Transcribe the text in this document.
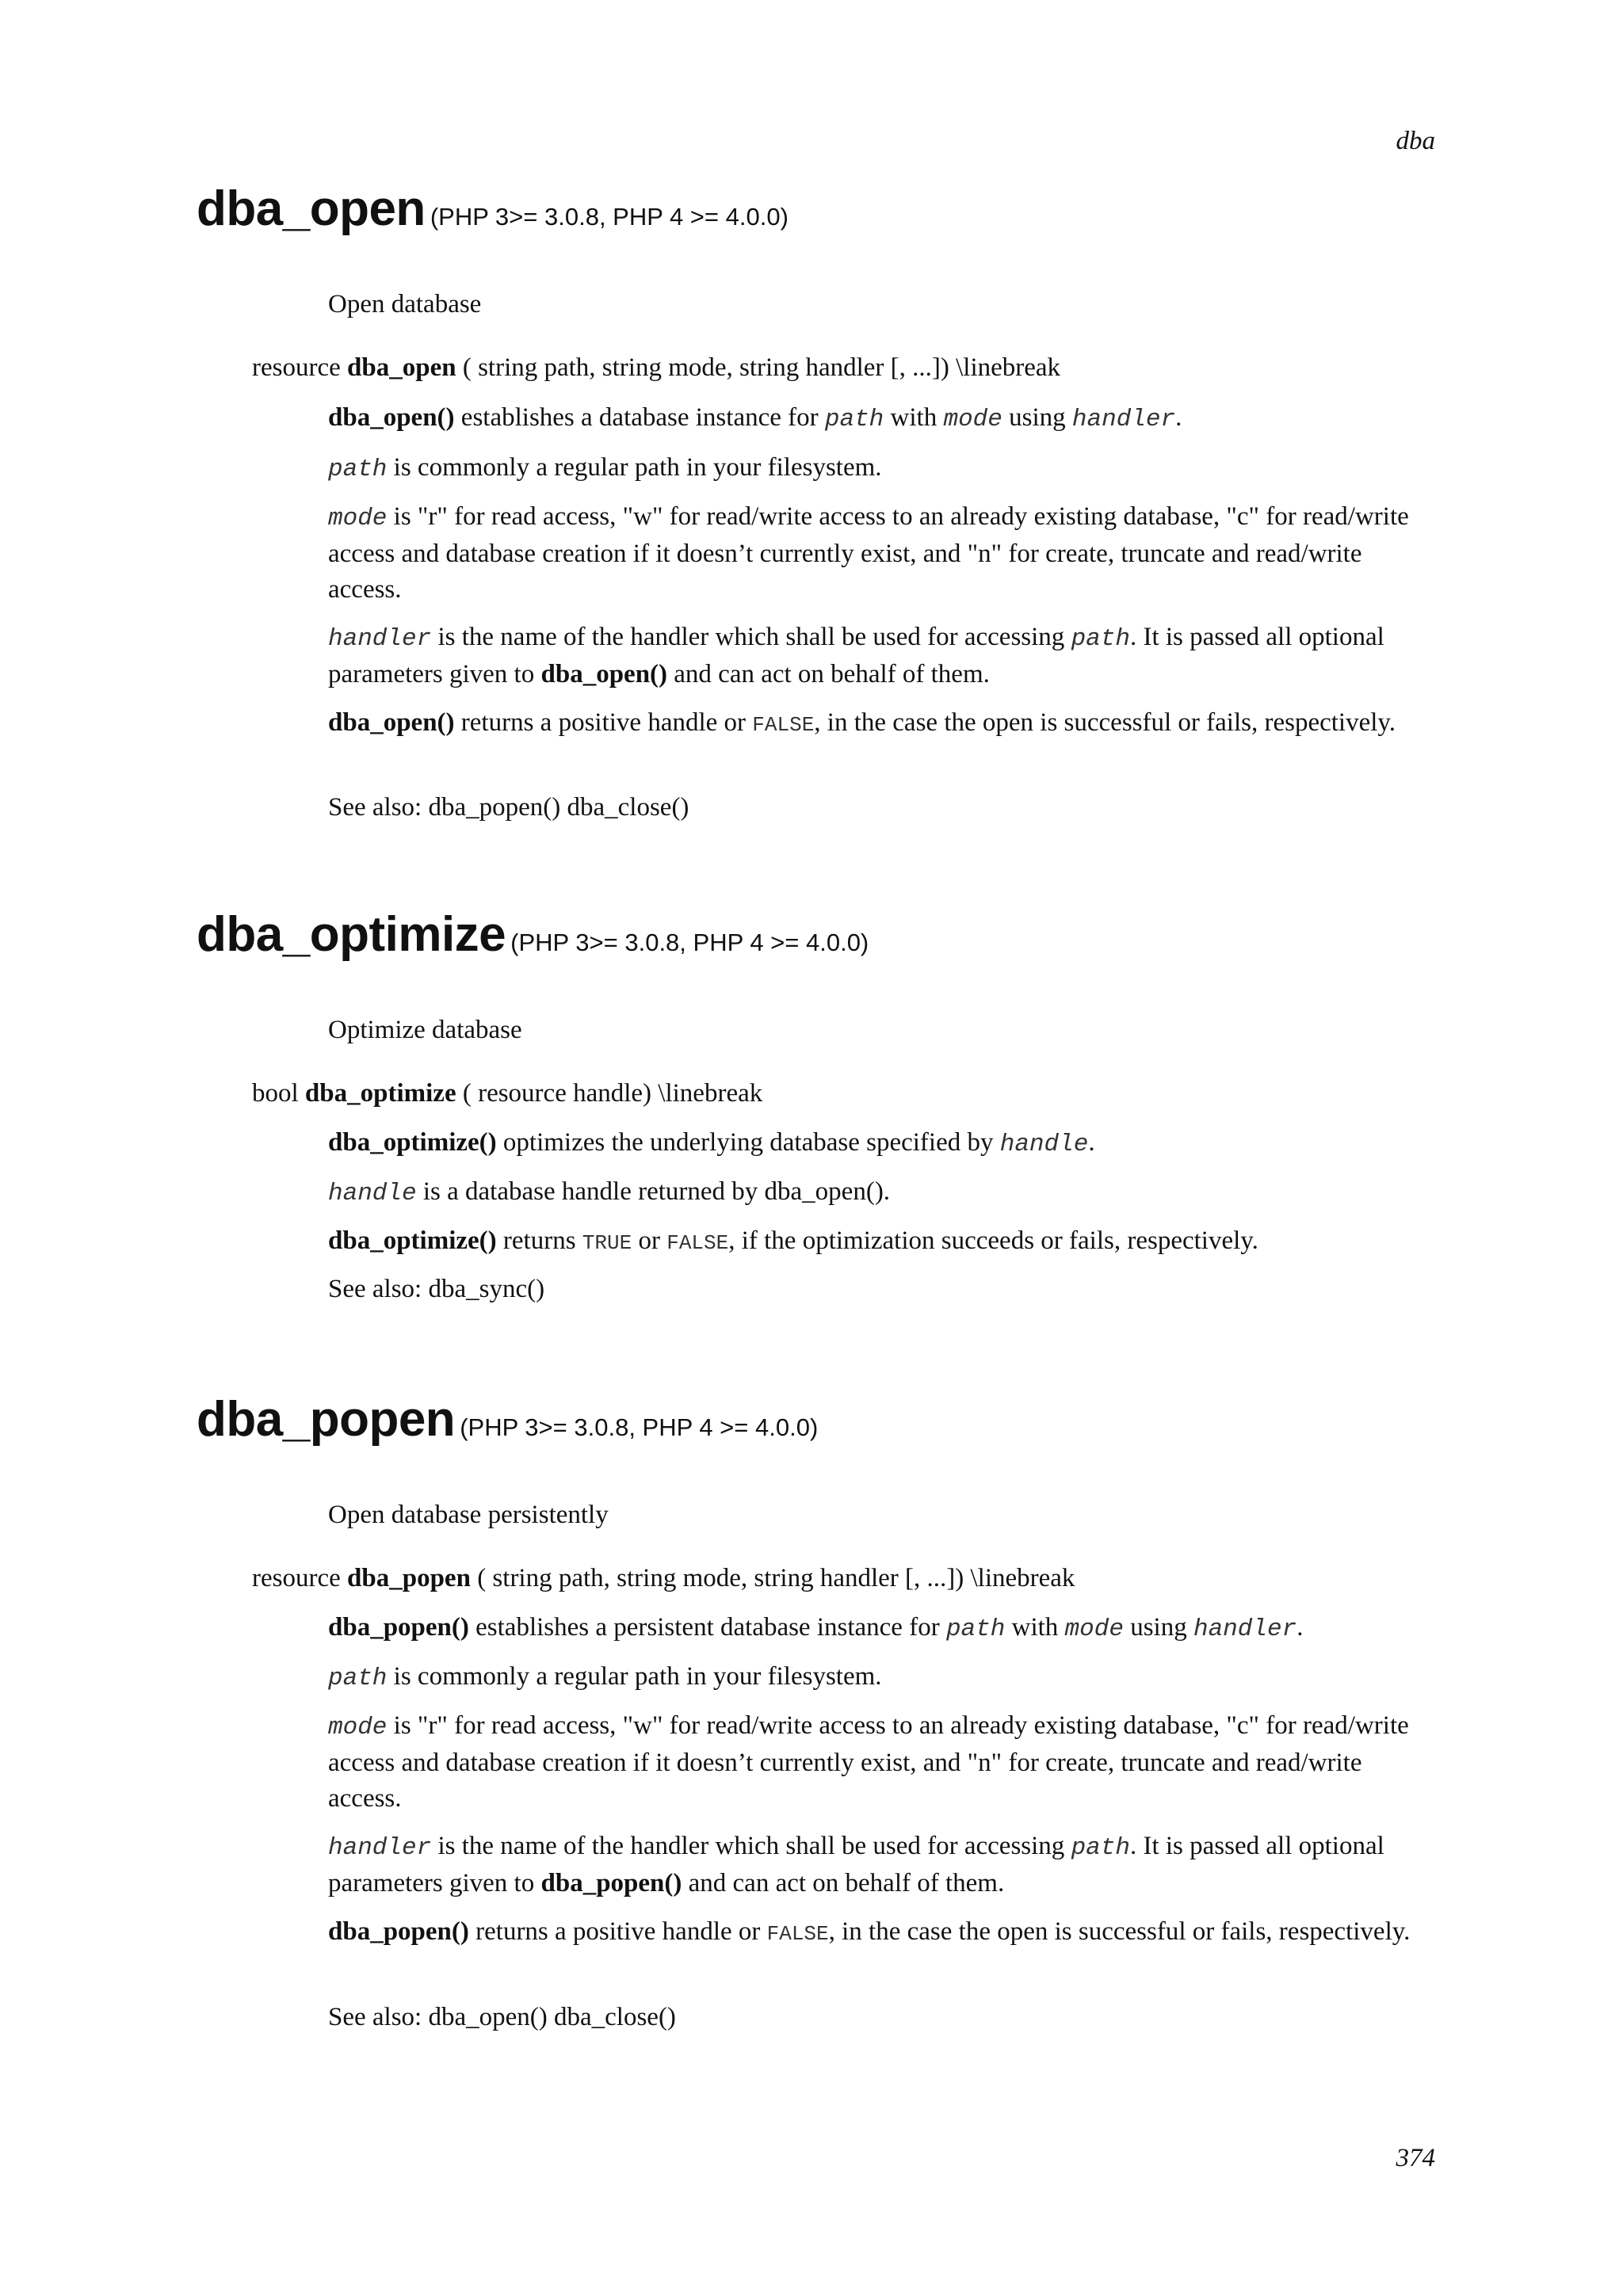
dba
dba_open (PHP 3>= 3.0.8, PHP 4 >= 4.0.0)
Open database
resource dba_open ( string path, string mode, string handler [, ...]) \linebreak
dba_open() establishes a database instance for path with mode using handler.
path is commonly a regular path in your filesystem.
mode is "r" for read access, "w" for read/write access to an already existing database, "c" for read/write access and database creation if it doesn’t currently exist, and "n" for create, truncate and read/write access.
handler is the name of the handler which shall be used for accessing path. It is passed all optional parameters given to dba_open() and can act on behalf of them.
dba_open() returns a positive handle or FALSE, in the case the open is successful or fails, respectively.
See also: dba_popen() dba_close()
dba_optimize (PHP 3>= 3.0.8, PHP 4 >= 4.0.0)
Optimize database
bool dba_optimize ( resource handle) \linebreak
dba_optimize() optimizes the underlying database specified by handle.
handle is a database handle returned by dba_open().
dba_optimize() returns TRUE or FALSE, if the optimization succeeds or fails, respectively.
See also: dba_sync()
dba_popen (PHP 3>= 3.0.8, PHP 4 >= 4.0.0)
Open database persistently
resource dba_popen ( string path, string mode, string handler [, ...]) \linebreak
dba_popen() establishes a persistent database instance for path with mode using handler.
path is commonly a regular path in your filesystem.
mode is "r" for read access, "w" for read/write access to an already existing database, "c" for read/write access and database creation if it doesn’t currently exist, and "n" for create, truncate and read/write access.
handler is the name of the handler which shall be used for accessing path. It is passed all optional parameters given to dba_popen() and can act on behalf of them.
dba_popen() returns a positive handle or FALSE, in the case the open is successful or fails, respectively.
See also: dba_open() dba_close()
374
